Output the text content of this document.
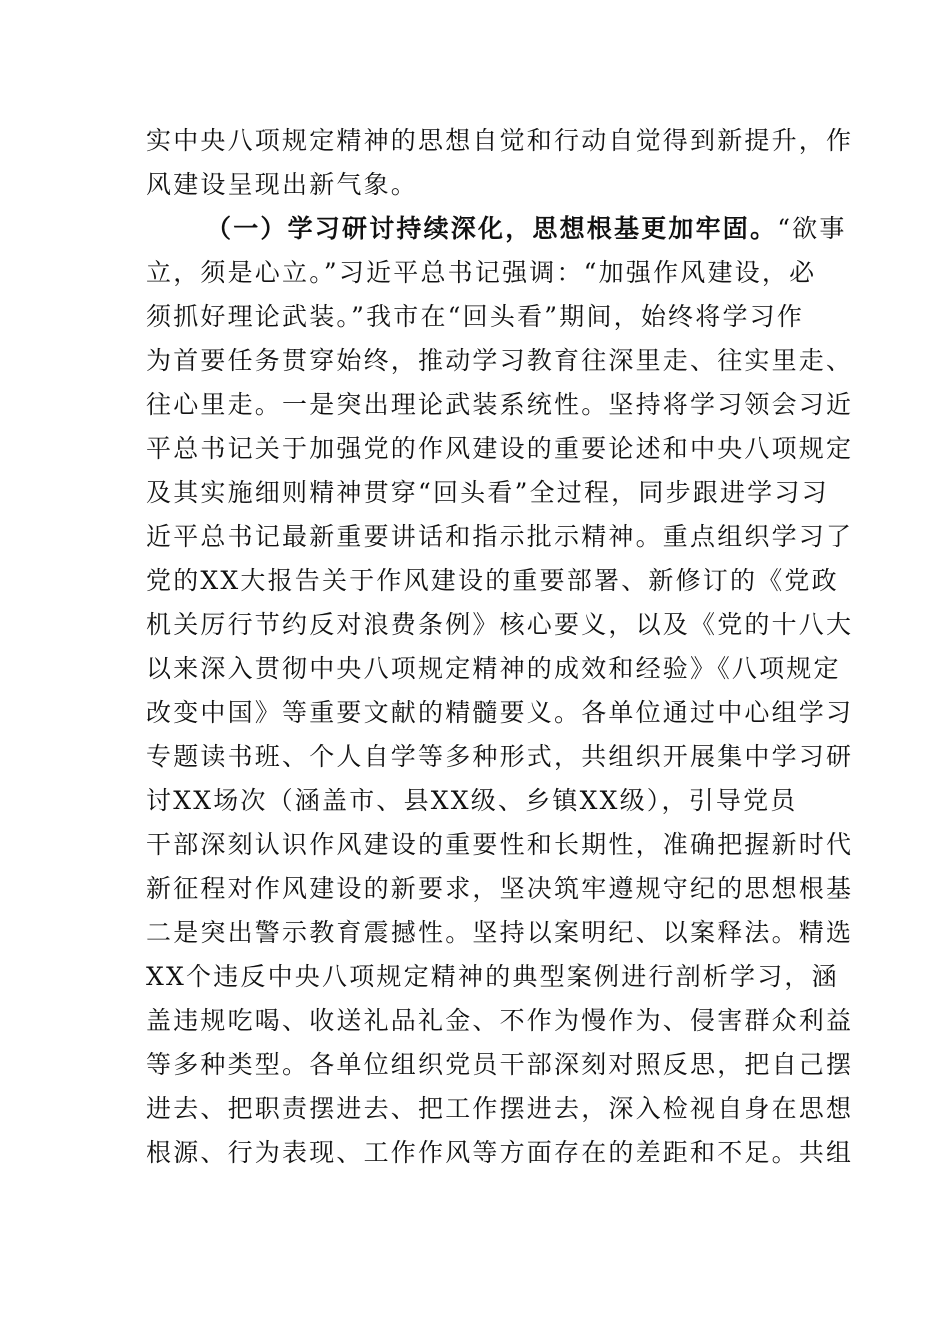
实中央八项规定精神的思想自觉和行动自觉得到新提升，作
风建设呈现出新气象。
（一）学习研讨持续深化，思想根基更加牢固。“欲事
立，须是心立。”习近平总书记强调：“加强作风建设，必
须抓好理论武装。”我市在“回头看”期间，始终将学习作
为首要任务贯穿始终，推动学习教育往深里走、往实里走、
往心里走。一是突出理论武装系统性。坚持将学习领会习近
平总书记关于加强党的作风建设的重要论述和中央八项规定
及其实施细则精神贯穿“回头看”全过程，同步跟进学习习
近平总书记最新重要讲话和指示批示精神。重点组织学习了
党的XX大报告关于作风建设的重要部署、新修订的《党政
机关厉行节约反对浪费条例》核心要义，以及《党的十八大
以来深入贯彻中央八项规定精神的成效和经验》《八项规定
改变中国》等重要文献的精髓要义。各单位通过中心组学习
专题读书班、个人自学等多种形式，共组织开展集中学习研
讨XX场次（涵盖市、县XX级、乡镇XX级），引导党员
干部深刻认识作风建设的重要性和长期性，准确把握新时代
新征程对作风建设的新要求，坚决筑牢遵规守纪的思想根基
二是突出警示教育震撼性。坚持以案明纪、以案释法。精选
XX个违反中央八项规定精神的典型案例进行剖析学习，涵
盖违规吃喝、收送礼品礼金、不作为慢作为、侵害群众利益
等多种类型。各单位组织党员干部深刻对照反思，把自己摆
进去、把职责摆进去、把工作摆进去，深入检视自身在思想
根源、行为表现、工作作风等方面存在的差距和不足。共组
